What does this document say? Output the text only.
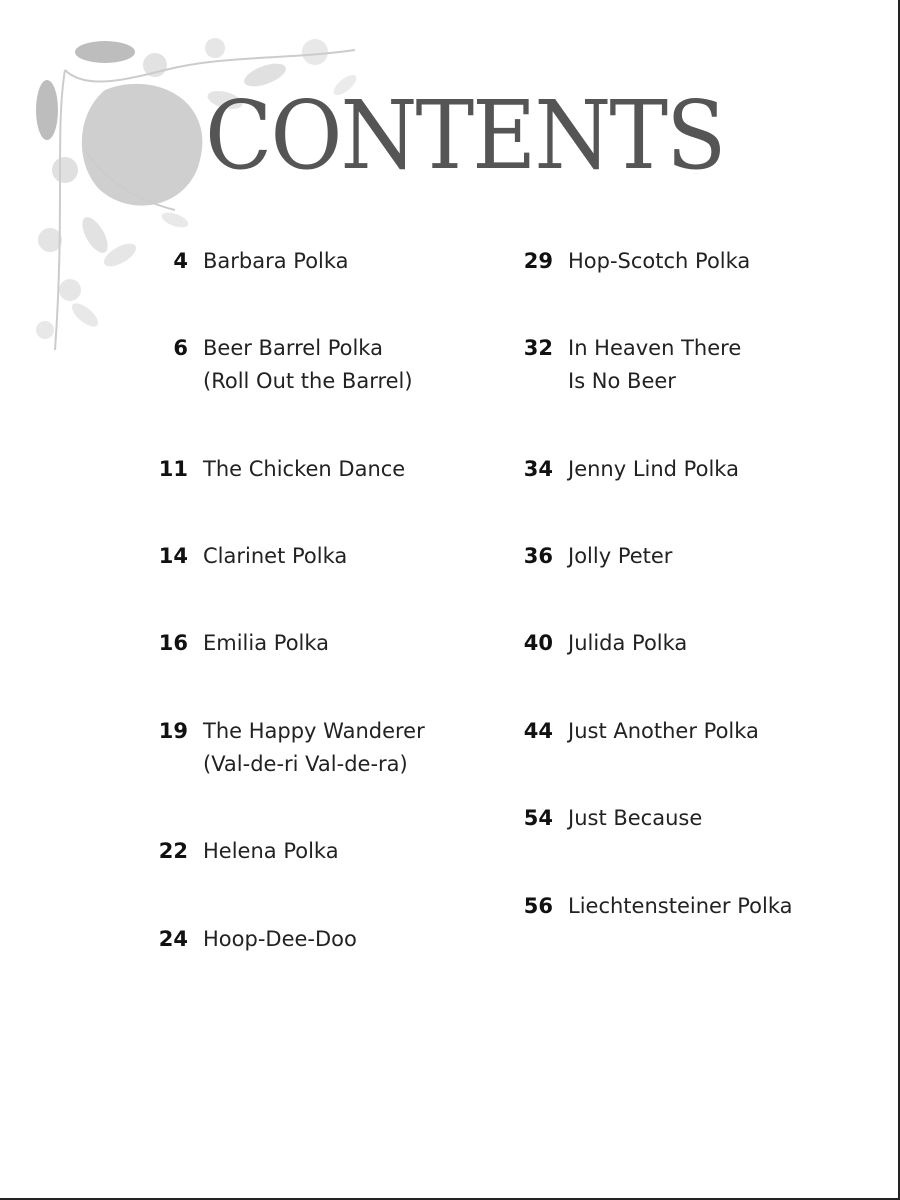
CONTENTS
4 Barbara Polka
6 Beer Barrel Polka
(Roll Out the Barrel)
11 The Chicken Dance
14 Clarinet Polka
16 Emilia Polka
19 The Happy Wanderer
(Val-de-ri Val-de-ra)
22 Helena Polka
24 Hoop-Dee-Doo
29 Hop-Scotch Polka
32 In Heaven There
Is No Beer
34 Jenny Lind Polka
36 Jolly Peter
40 Julida Polka
44 Just Another Polka
54 Just Because
56 Liechtensteiner Polka
